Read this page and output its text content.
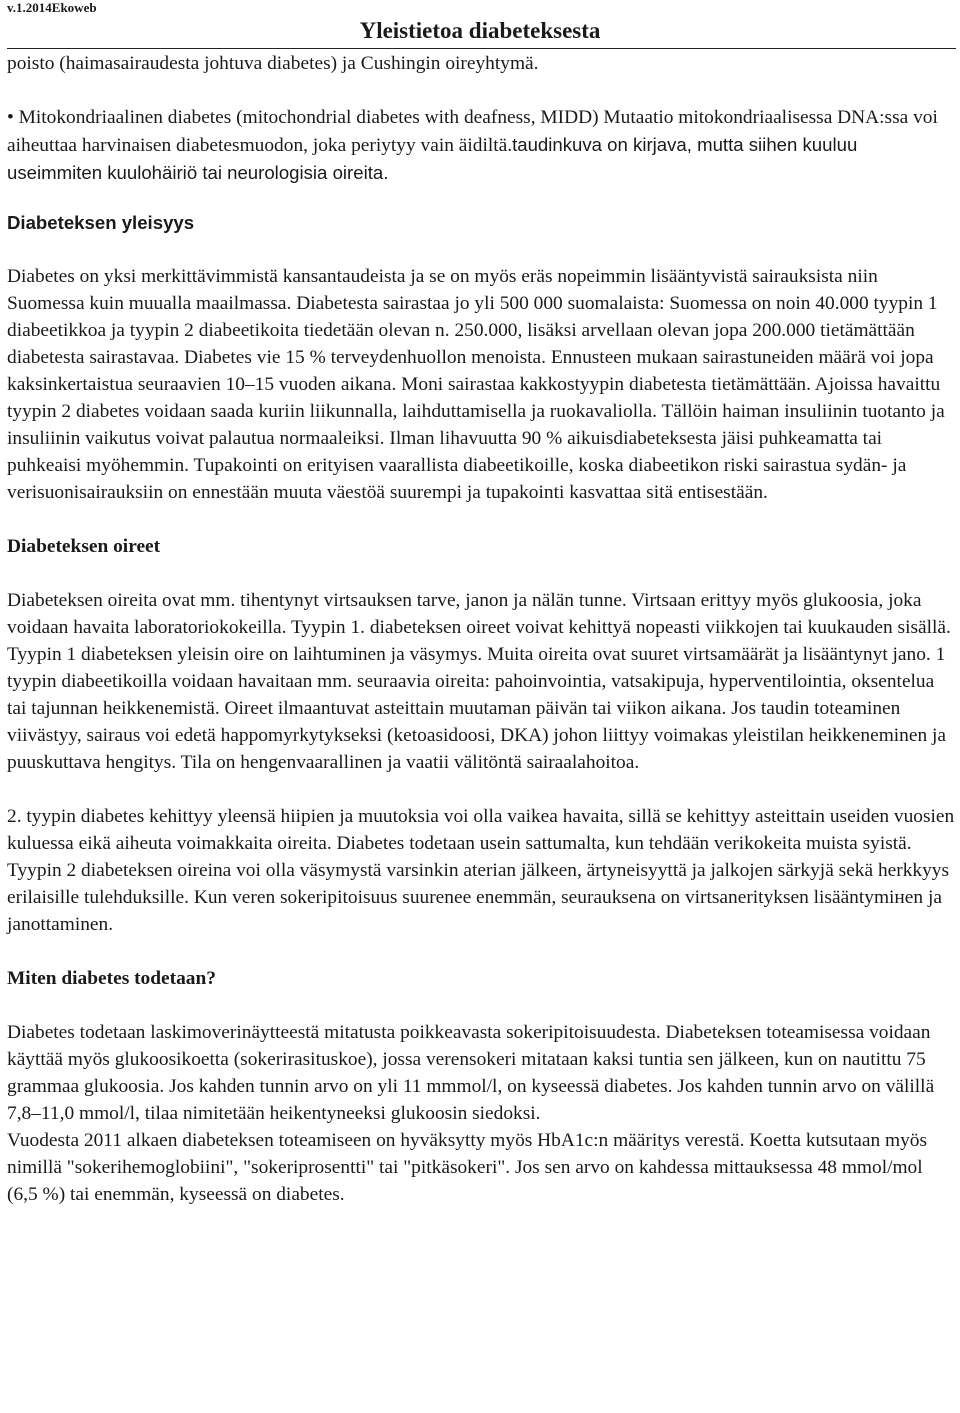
v.1.2014Ekoweb
Yleistietoa diabeteksesta

poisto (haimasairaudesta johtuva diabetes) ja Cushingin oireyhtymä.

• Mitokondriaalinen diabetes (mitochondrial diabetes with deafness, MIDD) Mutaatio mitokondriaalisessa DNA:ssa voi aiheuttaa harvinaisen diabetesmuodon, joka periytyy vain äidiltä.taudinkuva on kirjava, mutta siihen kuuluu useimmiten kuulohäiriö tai neurologisia oireita.

Diabeteksen yleisyys

Diabetes on yksi merkittävimmistä kansantaudeista ja se on myös eräs nopeimmin lisääntyvistä sairauksista niin Suomessa kuin muualla maailmassa. Diabetesta sairastaa jo yli 500 000 suomalaista: Suomessa on noin 40.000 tyypin 1 diabeetikkoa ja tyypin 2 diabeetikoita tiedetään olevan n. 250.000, lisäksi arvellaan olevan jopa 200.000 tietämättään diabetesta sairastavaa. Diabetes vie 15 % terveydenhuollon menoista. Ennusteen mukaan sairastuneiden määrä voi jopa kaksinkertaistua seuraavien 10–15 vuoden aikana. Moni sairastaa kakkostyypin diabetesta tietämättään. Ajoissa havaittu tyypin 2 diabetes voidaan saada kuriin liikunnalla, laihduttamisella ja ruokavaliolla. Tällöin haiman insuliinin tuotanto ja insuliinin vaikutus voivat palautua normaaleiksi. Ilman lihavuutta 90 % aikuisdiabeteksesta jäisi puhkeamatta tai puhkeaisi myöhemmin. Tupakointi on erityisen vaarallista diabeetikoille, koska diabeetikon riski sairastua sydän- ja verisuonisairauksiin on ennestään muuta väestöä suurempi ja tupakointi kasvattaa sitä entisestään.

Diabeteksen oireet

Diabeteksen oireita ovat mm. tihentynyt virtsauksen tarve, janon ja nälän tunne. Virtsaan erittyy myös glukoosia, joka voidaan havaita laboratoriokokeilla. Tyypin 1. diabeteksen oireet voivat kehittyä nopeasti viikkojen tai kuukauden sisällä. Tyypin 1 diabeteksen yleisin oire on laihtuminen ja väsymys. Muita oireita ovat suuret virtsamäärät ja lisääntynyt jano. 1 tyypin diabeetikoilla voidaan havaitaan mm. seuraavia oireita: pahoinvointia, vatsakipuja, hyperventilointia, oksentelua tai tajunnan heikkenemistä. Oireet ilmaantuvat asteittain muutaman päivän tai viikon aikana. Jos taudin toteaminen viivästyy, sairaus voi edetä happomyrkytykseksi (ketoasidoosi, DKA) johon liittyy voimakas yleistilan heikkeneminen ja puuskuttava hengitys. Tila on hengenvaarallinen ja vaatii välitöntä sairaalahoitoa.

2. tyypin diabetes kehittyy yleensä hiipien ja muutoksia voi olla vaikea havaita, sillä se kehittyy asteittain useiden vuosien kuluessa eikä aiheuta voimakkaita oireita. Diabetes todetaan usein sattumalta, kun tehdään verikokeita muista syistä. Tyypin 2 diabeteksen oireina voi olla väsymystä varsinkin aterian jälkeen, ärtyneisyyttä ja jalkojen särkyjä sekä herkkyys erilaisille tulehduksille. Kun veren sokeripitoisuus suurenee enemmän, seurauksena on virtsanerityksen lisääntymінen ja janottaminen.

Miten diabetes todetaan?

Diabetes todetaan laskimoverinäytteestä mitatusta poikkeavasta sokeripitoisuudesta. Diabeteksen toteamisessa voidaan käyttää myös glukoosikoetta (sokerirasituskoe), jossa verensokeri mitataan kaksi tuntia sen jälkeen, kun on nautittu 75 grammaa glukoosia. Jos kahden tunnin arvo on yli 11 mmmol/l, on kyseessä diabetes. Jos kahden tunnin arvo on välillä 7,8–11,0 mmol/l, tilaa nimitetään heikentyneeksi glukoosin siedoksi.

Vuodesta 2011 alkaen diabeteksen toteamiseen on hyväksytty myös HbA1c:n määritys verestä. Koetta kutsutaan myös nimillä "sokerihemoglobiini", "sokeriprosentti" tai "pitkäsokeri". Jos sen arvo on kahdessa mittauksessa 48 mmol/mol (6,5 %) tai enemmän, kyseessä on diabetes.
